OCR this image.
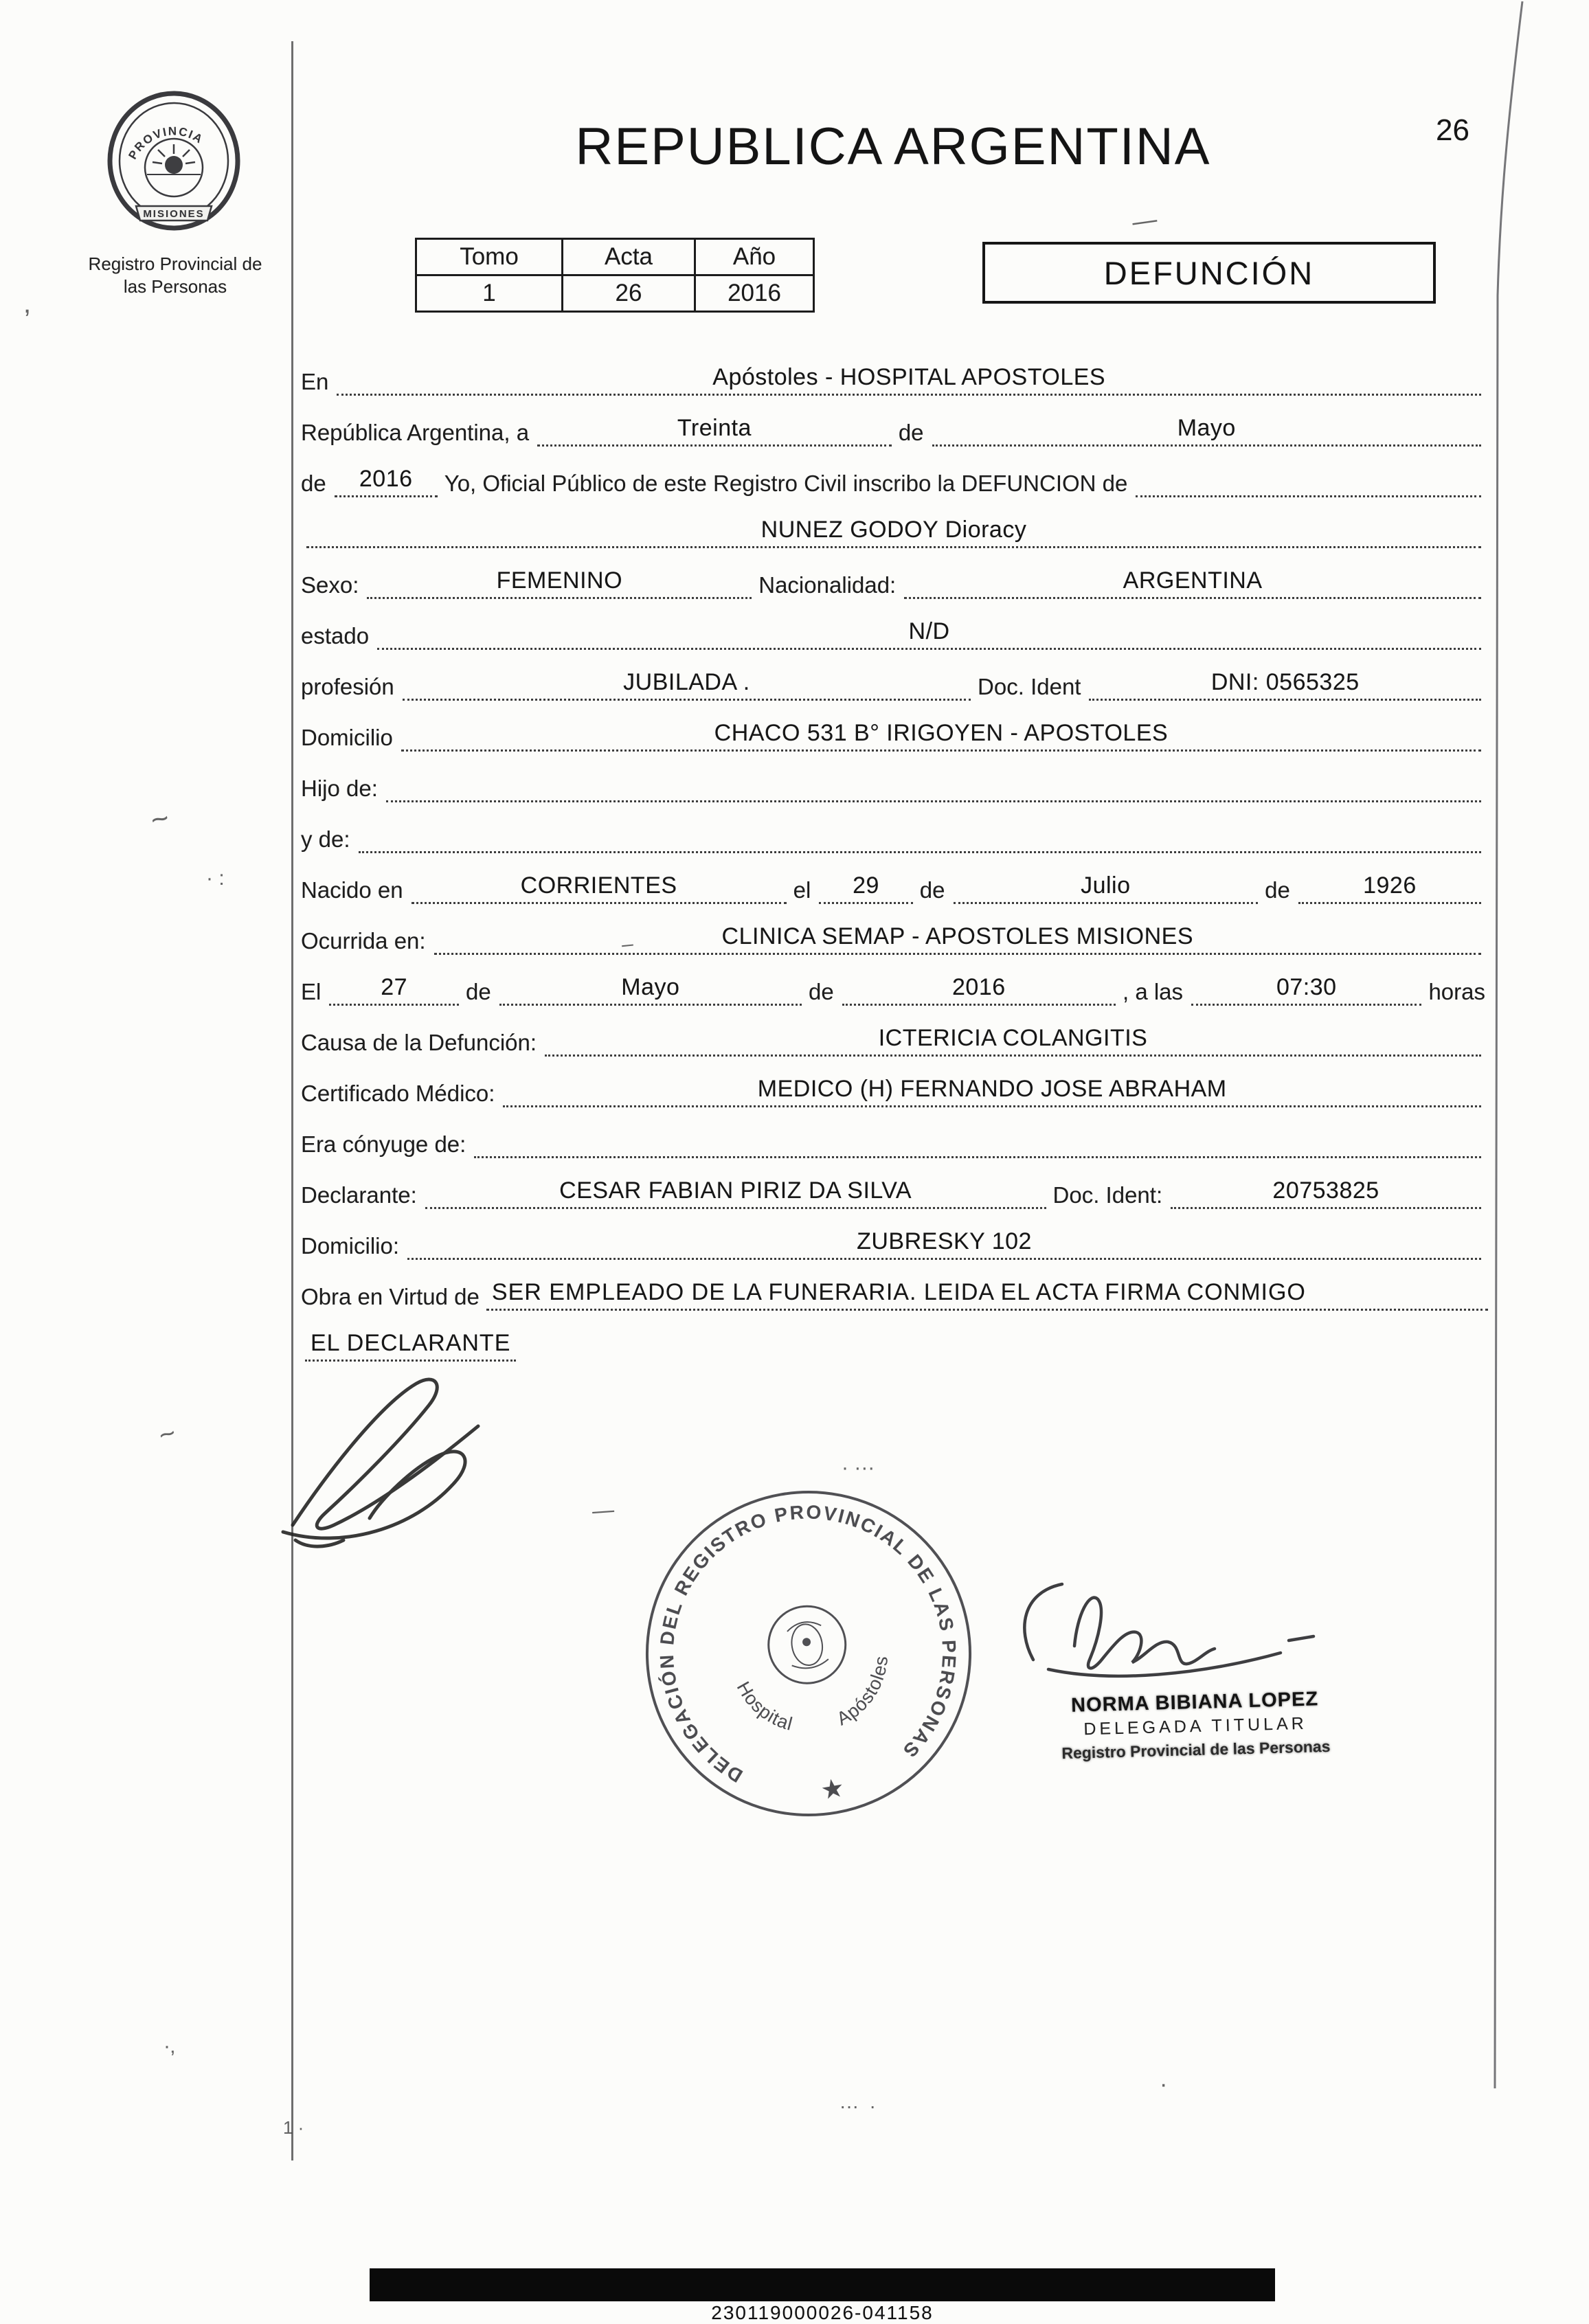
26
PROVINCIA
MISIONES
Registro Provincial de
las Personas
REPUBLICA ARGENTINA
Tomo	Acta	Año
1	26	2016
DEFUNCIÓN
En	Apóstoles - HOSPITAL APOSTOLES
República Argentina, a	Treinta	de	Mayo
de	2016	Yo, Oficial Público de este Registro Civil inscribo la DEFUNCION de
NUNEZ GODOY Dioracy
Sexo:	FEMENINO	Nacionalidad:	ARGENTINA
estado	N/D
profesión	JUBILADA .	Doc. Ident	DNI: 0565325
Domicilio	CHACO 531 B° IRIGOYEN - APOSTOLES
Hijo de:
y de:
Nacido en	CORRIENTES	el	29	de	Julio	de	1926
Ocurrida en:	CLINICA SEMAP - APOSTOLES MISIONES
El	27	de	Mayo	de	2016	, a las	07:30	horas
Causa de la Defunción:	ICTERICIA COLANGITIS
Certificado Médico:	MEDICO (H) FERNANDO JOSE ABRAHAM
Era cónyuge de:
Declarante:	CESAR FABIAN PIRIZ DA SILVA	Doc. Ident:	20753825
Domicilio:	ZUBRESKY 102
Obra en Virtud de SER EMPLEADO DE LA FUNERARIA. LEIDA EL ACTA FIRMA CONMIGO
EL DECLARANTE
DELEGACIÓN DEL REGISTRO PROVINCIAL DE LAS PERSONAS
Hospital	Apóstoles
★
NORMA BIBIANA LOPEZ
DELEGADA TITULAR
Registro Provincial de las Personas
230119000026-041158
~
· :
~
,
· ···
—
···  ·
·
·‚
1 ·
–
—
